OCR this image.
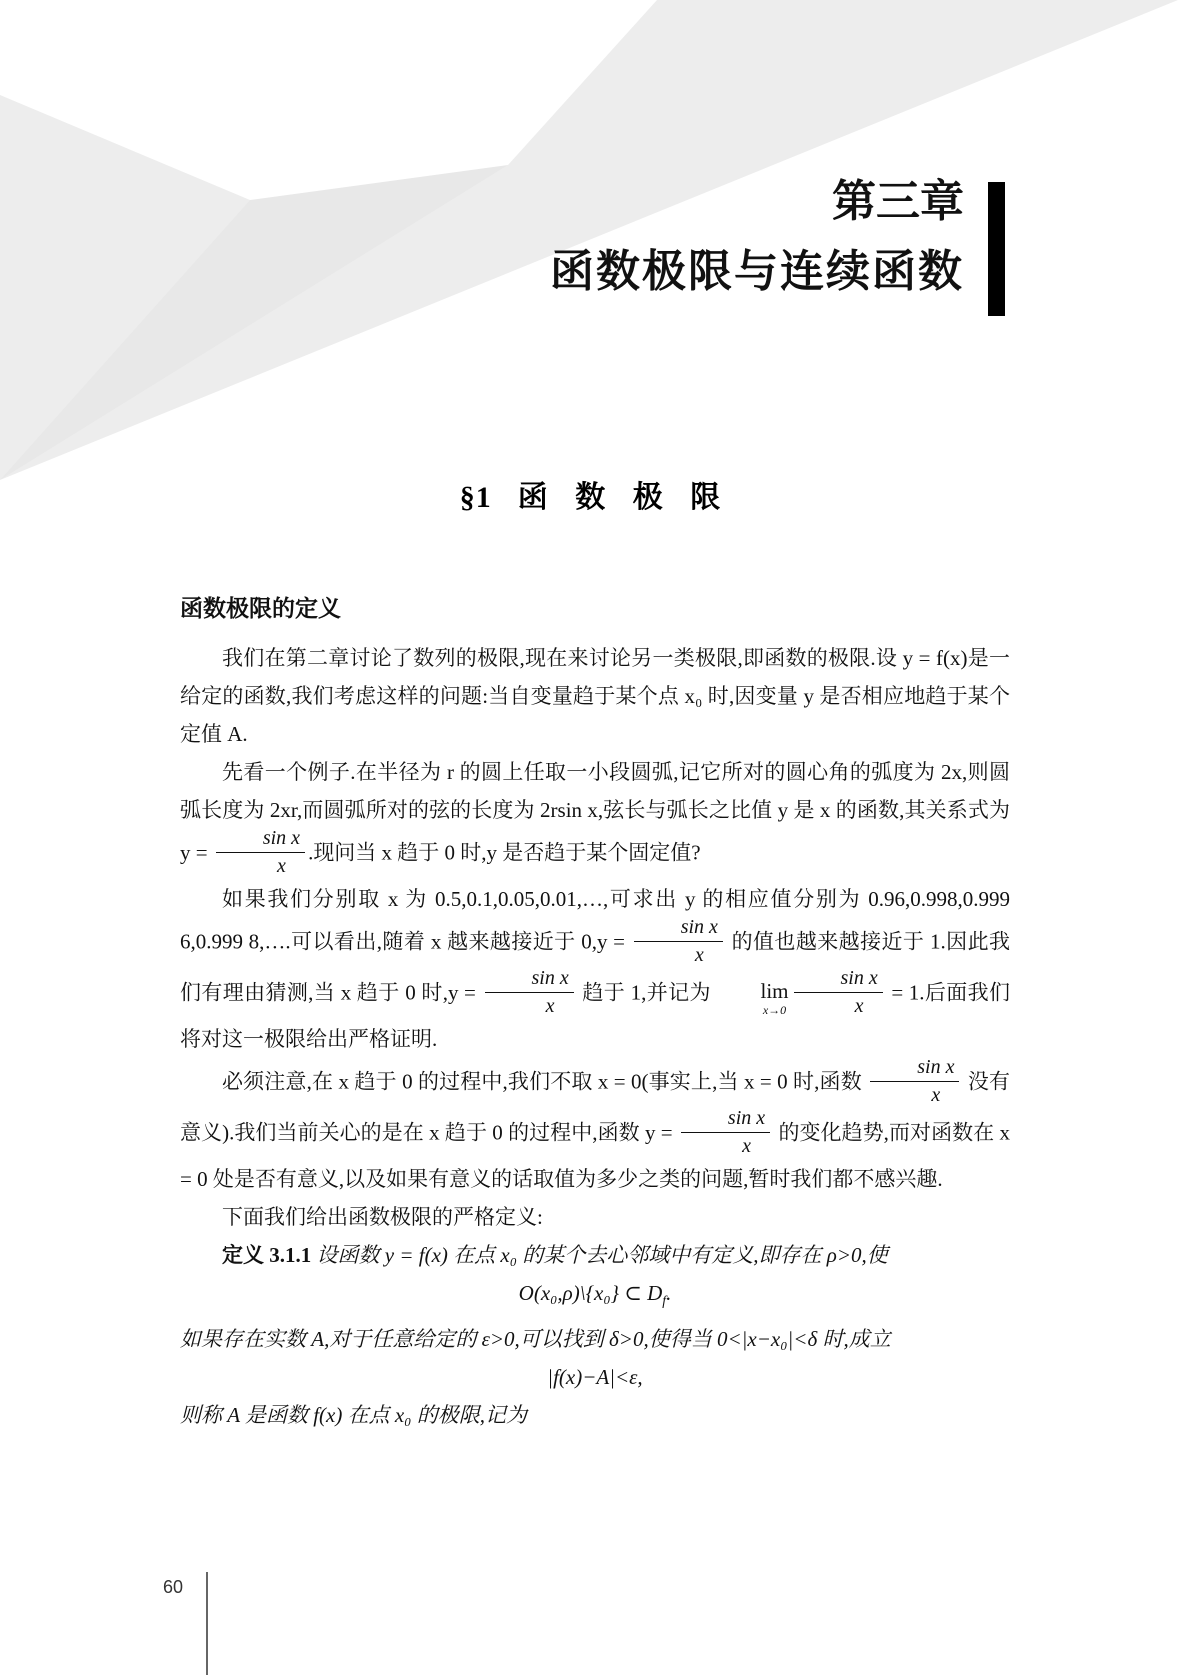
第三章
函数极限与连续函数
§1 函 数 极 限
函数极限的定义

我们在第二章讨论了数列的极限,现在来讨论另一类极限,即函数的极限.设 y = f(x)是一给定的函数,我们考虑这样的问题:当自变量趋于某个点 x₀ 时,因变量 y 是否相应地趋于某个定值 A.

先看一个例子.在半径为 r 的圆上任取一小段圆弧,记它所对的圆心角的弧度为 2x,则圆弧长度为 2xr,而圆弧所对的弦的长度为 2rsin x,弦长与弧长之比值 y 是 x 的函数,其关系式为 $y = \frac{\text{sin x}}{x}$ .现问当 x 趋于 0 时,y 是否趋于某个固定值?

如果我们分别取 x 为 0.5,0.1,0.05,0.01,…,可求出 y 的相应值分别为 0.96,0.998,0.999 6,0.999 8,….可以看出,随着 x 越来越接近于 $0,y = \frac{\text{sin x}}{x}$ 的值也越来越接近于 1.因此我们有理由猜测,当 x 趋于 0 时$,y = \frac{\text{sin x}}{x}$ 趋于 1,并记为	lim
$x\to 0 \frac{\text{sin x}}{x} = 1$.后面我们将对这一极限给出严格证明.

必须注意,在 x 趋于 0 的过程中,我们不取 x = 0(事实上,当 x = 0 时,函数 $\frac{\text{sin x}}{x}$ 没有意义).我们当前关心的是在 x 趋于 0 的过程中,函数 $y = \frac{\text{sin x}}{x}$ 的变化趋势,而对函数在 x = 0 处是否有意义,以及如果有意义的话取值为多少之类的问题,暂时我们都不感兴趣.

下面我们给出函数极限的严格定义:

定义 3.1.1 设函数 y = f(x) 在点 x₀ 的某个去心邻域中有定义,即存在 ρ>0,使

O(x₀,ρ)\{x₀} ⊂ $D_f$.

如果存在实数 A,对于任意给定的 ε>0,可以找到 δ>0,使得当 0<|x−x₀|<δ 时,成立

|f(x)−A|<ε,

则称 A 是函数 f(x) 在点 x₀ 的极限,记为

60
